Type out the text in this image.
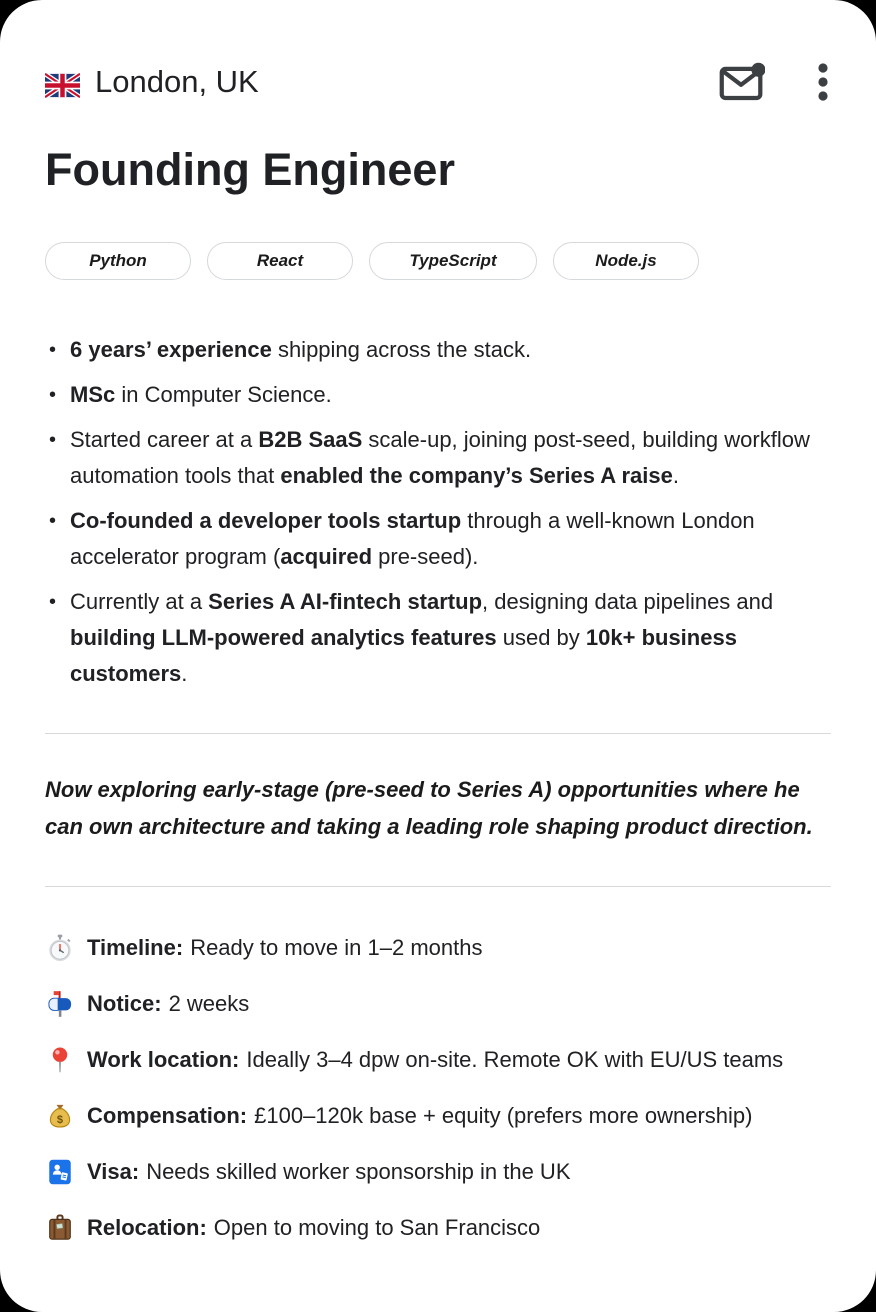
London, UK
Founding Engineer
Python	React	TypeScript	Node.js
• 6 years’ experience shipping across the stack.
• MSc in Computer Science.
• Started career at a B2B SaaS scale-up, joining post-seed, building workflow automation tools that enabled the company’s Series A raise.
• Co-founded a developer tools startup through a well-known London accelerator program (acquired pre-seed).
• Currently at a Series A AI-fintech startup, designing data pipelines and building LLM-powered analytics features used by 10k+ business customers.

Now exploring early-stage (pre-seed to Series A) opportunities where he can own architecture and taking a leading role shaping product direction.

Timeline: Ready to move in 1–2 months
Notice: 2 weeks
Work location: Ideally 3–4 dpw on-site. Remote OK with EU/US teams
$ Compensation: £100–120k base + equity (prefers more ownership)
Visa: Needs skilled worker sponsorship in the UK
Relocation: Open to moving to San Francisco
